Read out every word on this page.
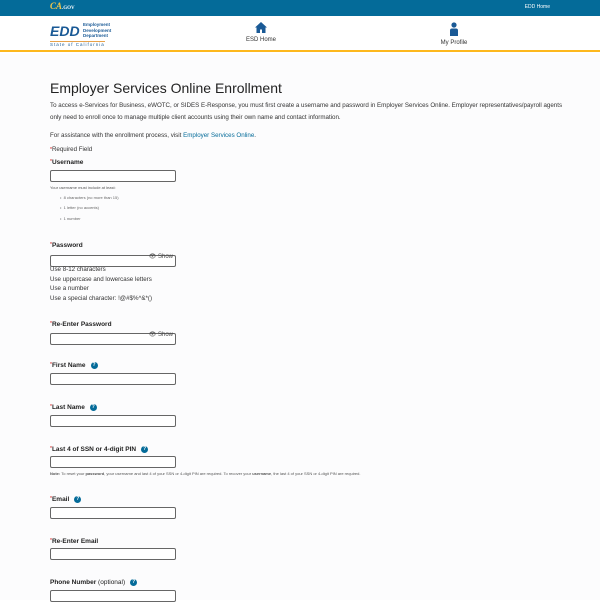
CA.GOV	EDD Home
EDD Employment
Development
Department
State of California
ESD Home	My Profile
Employer Services Online Enrollment

To access e-Services for Business, eWOTC, or SIDES E-Response, you must first create a username and password in Employer Services Online. Employer representatives/payroll agents only need to enroll once to manage multiple client accounts using their own name and contact information.

For assistance with the enrollment process, visit Employer Services Online.

*Required Field

*Username
Your username must include at least:
•  8 characters (no more than 15)
•  1 letter (no accents)
•  1 number
*Password
👁 Show
Use 8-12 characters
Use uppercase and lowercase letters
Use a number
Use a special character: !@#$%^&*()
*Re-Enter Password
👁 Show
*First Name ?
*Last Name ?
*Last 4 of SSN or 4-digit PIN ?
Note: To reset your password, your username and last 4 of your SSN or 4-digit PIN are required. To recover your username, the last 4 of your SSN or 4-digit PIN are required.
*Email ?
*Re-Enter Email
Phone Number (optional) ?
